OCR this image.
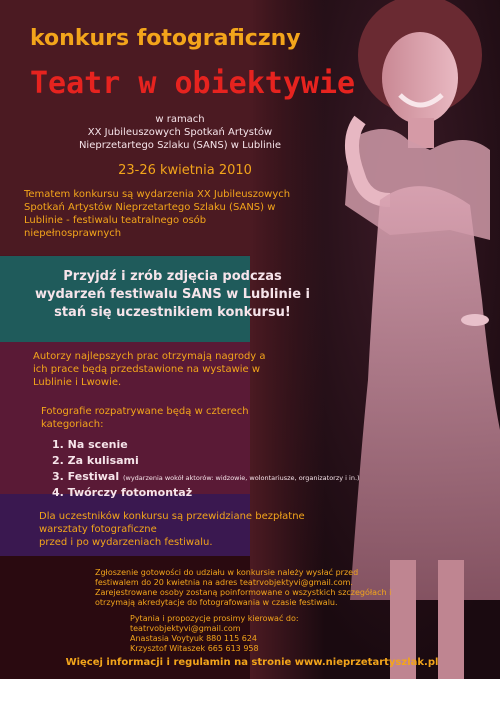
konkurs fotograficzny

Teatr w obiektywie

w ramach
XX Jubileuszowych Spotkań Artystów
Nieprzetartego Szlaku (SANS) w Lublinie

23-26 kwietnia 2010

Tematem konkursu są wydarzenia XX Jubileuszowych
Spotkań Artystów Nieprzetartego Szlaku (SANS) w
Lublinie - festiwalu teatralnego osób
niepełnosprawnych
Przyjdź i zrób zdjęcia podczas
wydarzeń festiwalu SANS w Lublinie i
stań się uczestnikiem konkursu!
Autorzy najlepszych prac otrzymają nagrody a
ich prace będą przedstawione na wystawie w
Lublinie i Lwowie.
Fotografie rozpatrywane będą w czterech
kategoriach:

1. Na scenie

2. Za kulisami

3. Festiwal (wydarzenia wokół aktorów: widzowie, wolontariusze, organizatorzy i in.)

4. Twórczy fotomontaż

Dla uczestników konkursu są przewidziane bezpłatne
warsztaty fotograficzne
przed i po wydarzeniach festiwalu.
Zgłoszenie gotowości do udziału w konkursie należy wysłać przed
festiwalem do 20 kwietnia na adres teatrvobjektyvi@gmail.com.
Zarejestrowane osoby zostaną poinformowane o wszystkich szczegółach i
otrzymają akredytacje do fotografowania w czasie festiwalu.
Pytania i propozycje prosimy kierować do:
teatrvobjektyvi@gmail.com
Anastasia Voytyuk 880 115 624
Krzysztof Witaszek 665 613 958

Więcej informacji i regulamin na stronie www.nieprzetartyszlak.pl
